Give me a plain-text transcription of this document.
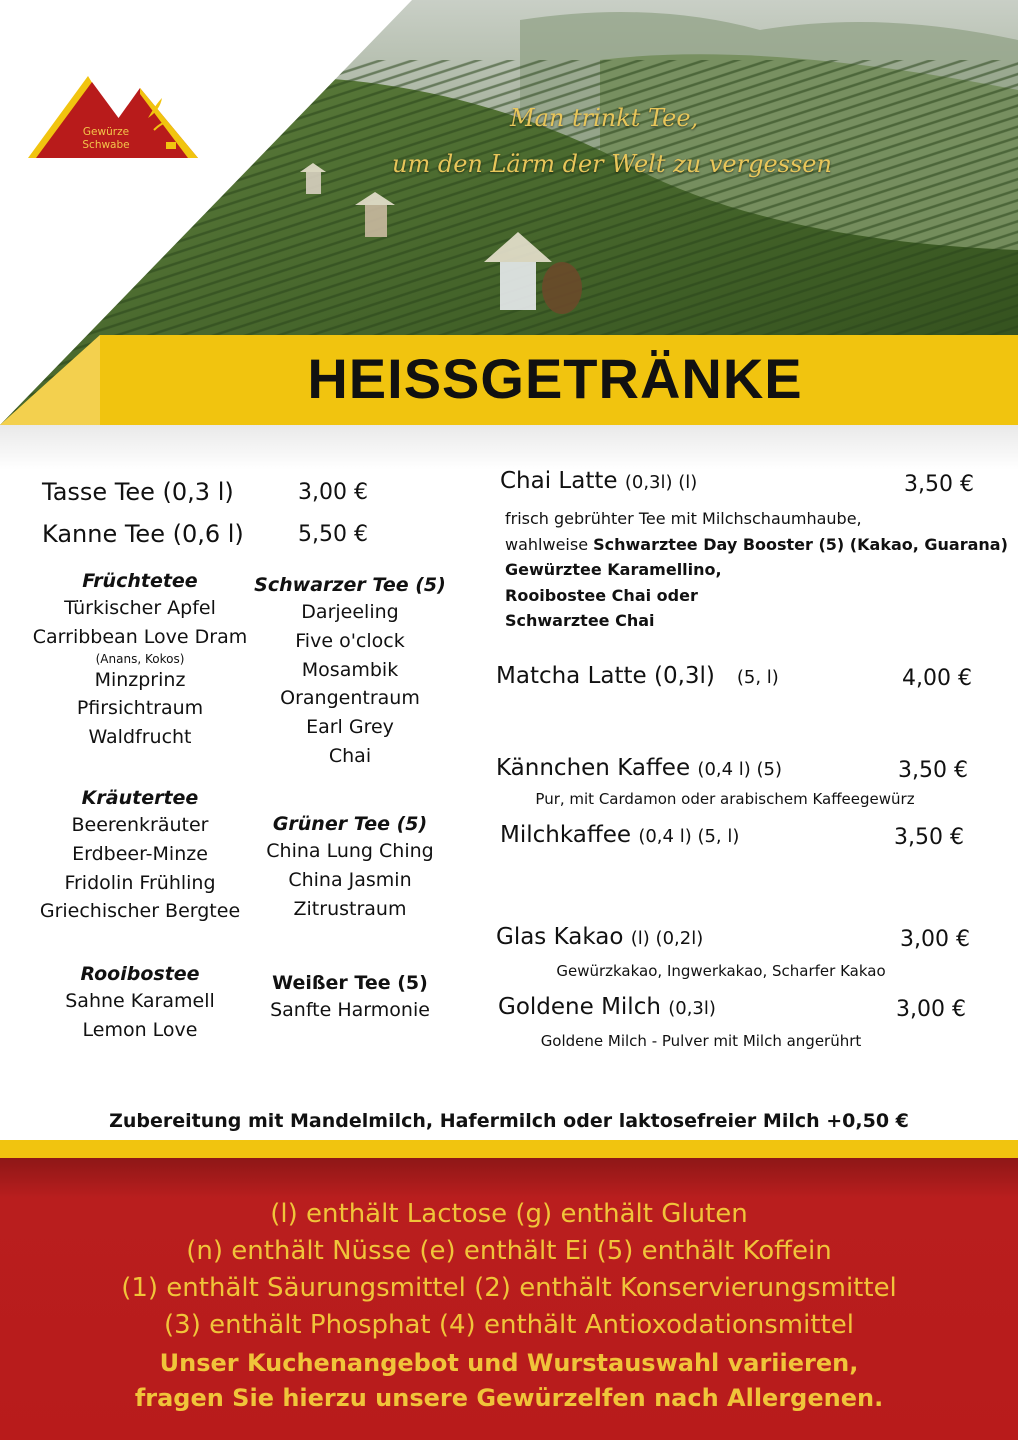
Gewürze
Schwabe
Man trinkt Tee,
um den Lärm der Welt zu vergessen
HEISSGETRÄNKE
Tasse Tee (0,3 l)	3,00 €
Kanne Tee (0,6 l) 5,50 €
Früchtetee
Türkischer Apfel
Carribbean Love Dram
(Anans, Kokos)
Minzprinz
Pfirsichtraum
Waldfrucht
Kräutertee
Beerenkräuter
Erdbeer-Minze
Fridolin Frühling
Griechischer Bergtee
Rooibostee
Sahne Karamell
Lemon Love
Schwarzer Tee (5)
Darjeeling
Five o'clock
Mosambik
Orangentraum
Earl Grey
Chai
Grüner Tee (5)
China Lung Ching
China Jasmin
Zitrustraum
Weißer Tee (5)
Sanfte Harmonie
Chai Latte (0,3l) (l)	3,50 €
frisch gebrühter Tee mit Milchschaumhaube,
wahlweise Schwarztee Day Booster (5) (Kakao, Guarana)
Gewürztee Karamellino,
Rooibostee Chai oder
Schwarztee Chai
Matcha Latte (0,3l) (5, l)	4,00 €
Kännchen Kaffee (0,4 l) (5)	3,50 €
Pur, mit Cardamon oder arabischem Kaffeegewürz
Milchkaffee (0,4 l) (5, l)	3,50 €
Glas Kakao (l) (0,2l)	3,00 €
Gewürzkakao, Ingwerkakao, Scharfer Kakao
Goldene Milch (0,3l)	3,00 €
Goldene Milch - Pulver mit Milch angerührt
Zubereitung mit Mandelmilch, Hafermilch oder laktosefreier Milch +0,50 €
(l) enthält Lactose (g) enthält Gluten
(n) enthält Nüsse (e) enthält Ei (5) enthält Koffein
(1) enthält Säurungsmittel (2) enthält Konservierungsmittel
(3) enthält Phosphat (4) enthält Antioxodationsmittel
Unser Kuchenangebot und Wurstauswahl variieren,
fragen Sie hierzu unsere Gewürzelfen nach Allergenen.
